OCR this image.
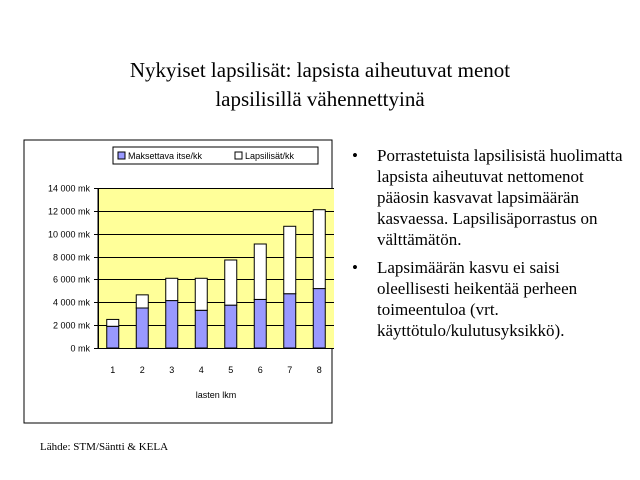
Nykyiset lapsilisät: lapsista aiheutuvat menot
lapsilisillä vähennettyinä
0 mk
2 000 mk
4 000 mk
6 000 mk
8 000 mk
10 000 mk
12 000 mk
14 000 mk
1	2	3	4	5	6	7	8
lasten lkm
Maksettava itse/kk	Lapsilisät/kk	• Porrastetuista lapsilisistä huolimatta lapsista aiheutuvat nettomenot pääosin kasvavat lapsimäärän kasvaessa. Lapsilisäporrastus on välttämätön.
• Lapsimäärän kasvu ei saisi oleellisesti heikentää perheen toimeentuloa (vrt. käyttötulo/kulutusyksikkö).
Lähde: STM/Säntti & KELA
